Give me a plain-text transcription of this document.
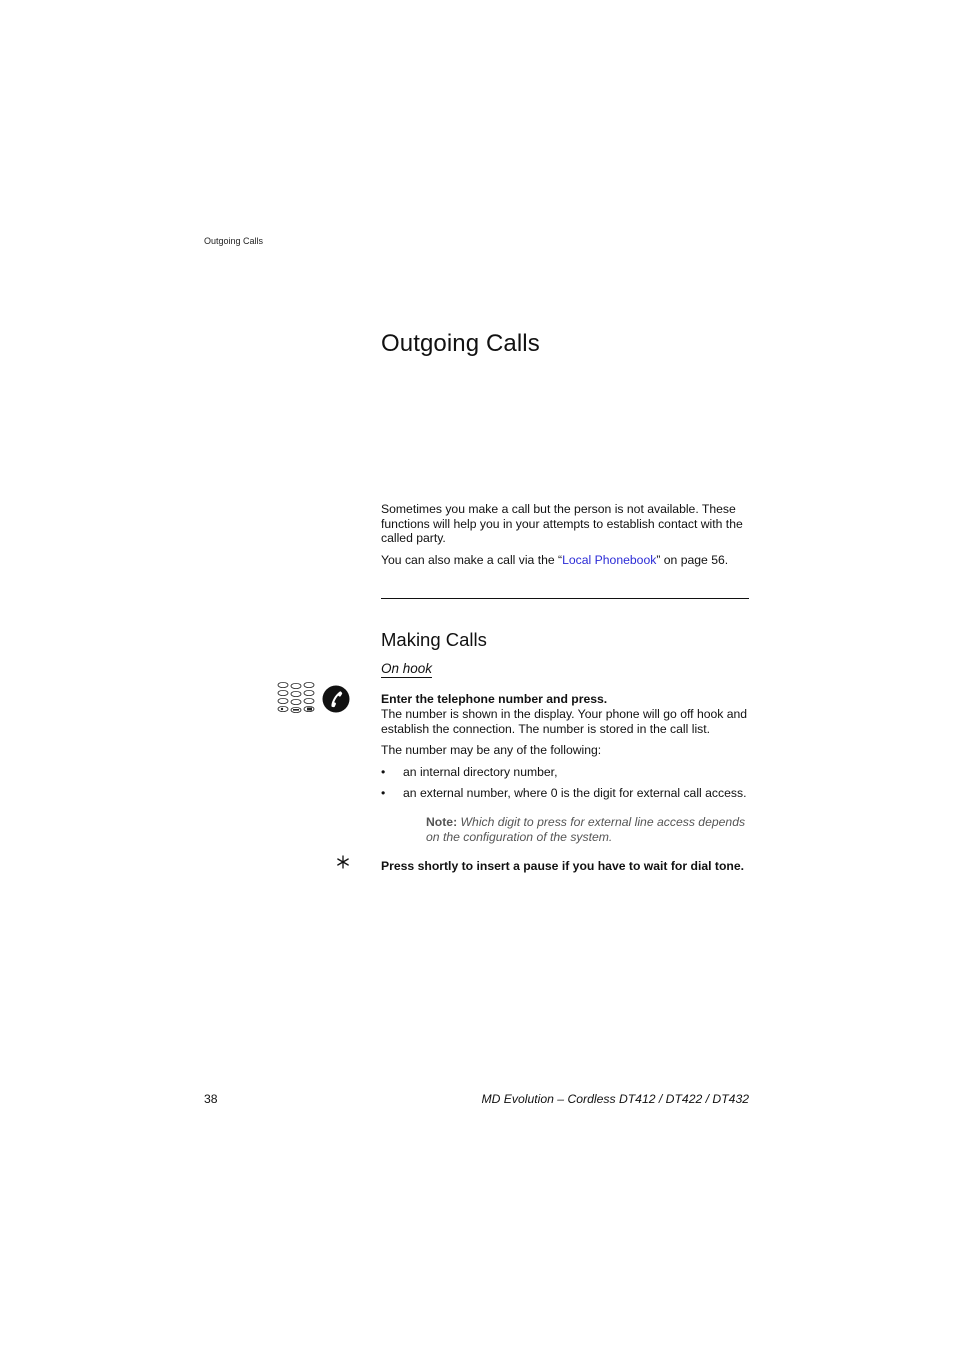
Outgoing Calls
Outgoing Calls
Sometimes you make a call but the person is not available. These functions will help you in your attempts to establish contact with the called party.
You can also make a call via the “Local Phonebook” on page 56.
Making Calls
On hook
Enter the telephone number and press.
The number is shown in the display. Your phone will go off hook and establish the connection. The number is stored in the call list.
The number may be any of the following:
• an internal directory number,
• an external number, where 0 is the digit for external call access.
Note: Which digit to press for external line access depends on the configuration of the system.
Press shortly to insert a pause if you have to wait for dial tone.
38	MD Evolution – Cordless DT412 / DT422 / DT432
